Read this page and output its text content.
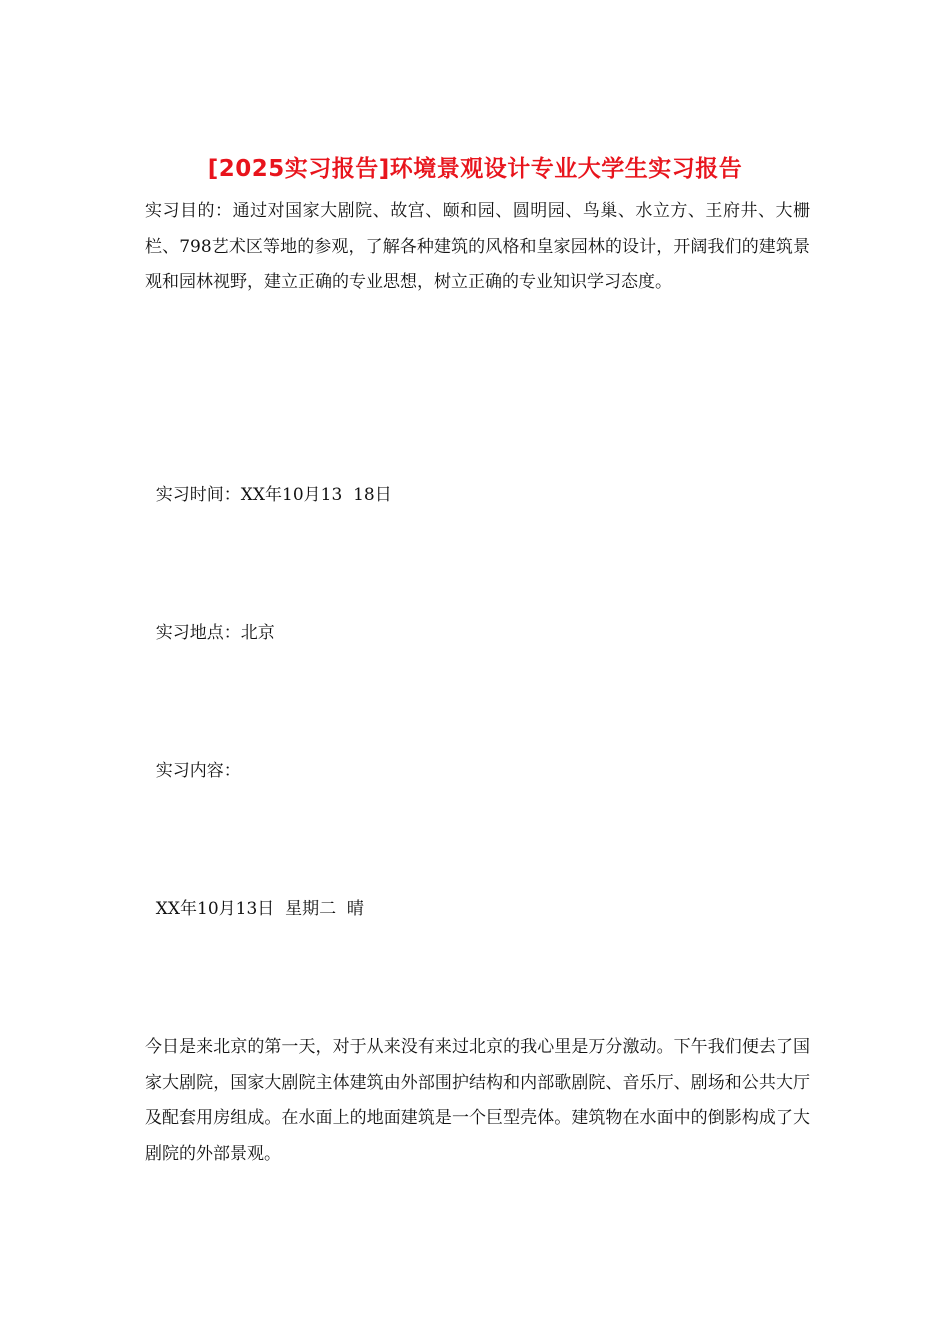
[2025实习报告]环境景观设计专业大学生实习报告

实习目的：通过对国家大剧院、故宫、颐和园、圆明园、鸟巢、水立方、王府井、大栅栏、798艺术区等地的参观，了解各种建筑的风格和皇家园林的设计，开阔我们的建筑景观和园林视野，建立正确的专业思想，树立正确的专业知识学习态度。

实习时间：XX年10月13  18日

实习地点：北京

实习内容：

XX年10月13日  星期二  晴

今日是来北京的第一天，对于从来没有来过北京的我心里是万分激动。下午我们便去了国家大剧院，国家大剧院主体建筑由外部围护结构和内部歌剧院、音乐厅、剧场和公共大厅及配套用房组成。在水面上的地面建筑是一个巨型壳体。建筑物在水面中的倒影构成了大剧院的外部景观。
